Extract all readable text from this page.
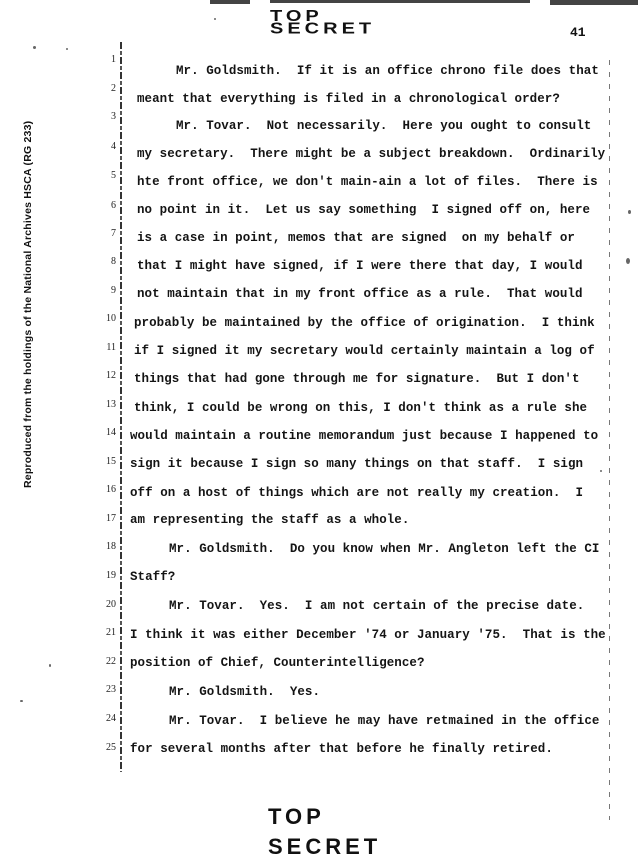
TOP SECRET	41
Reproduced from the holdings of the National Archives HSCA (RG 233)
1
2
3
4
5
6
7
8
9
10
11
12
13
14
15
16
17
18
19
20
21
22
23
24
25
Mr. Goldsmith.  If it is an office chrono file does that
meant that everything is filed in a chronological order?
Mr. Tovar.  Not necessarily.  Here you ought to consult
my secretary.  There might be a subject breakdown.  Ordinarily
hte front office, we don't main-ain a lot of files.  There is
no point in it.  Let us say something  I signed off on, here
is a case in point, memos that are signed  on my behalf or
that I might have signed, if I were there that day, I would
not maintain that in my front office as a rule.  That would
probably be maintained by the office of origination.  I think
if I signed it my secretary would certainly maintain a log of
things that had gone through me for signature.  But I don't
think, I could be wrong on this, I don't think as a rule she
would maintain a routine memorandum just because I happened to
sign it because I sign so many things on that staff.  I sign
off on a host of things which are not really my creation.  I
am representing the staff as a whole.
Mr. Goldsmith.  Do you know when Mr. Angleton left the CI
Staff?
Mr. Tovar.  Yes.  I am not certain of the precise date.
I think it was either December '74 or January '75.  That is the
position of Chief, Counterintelligence?
Mr. Goldsmith.  Yes.
Mr. Tovar.  I believe he may have retmained in the office
for several months after that before he finally retired.
TOP SECRET
